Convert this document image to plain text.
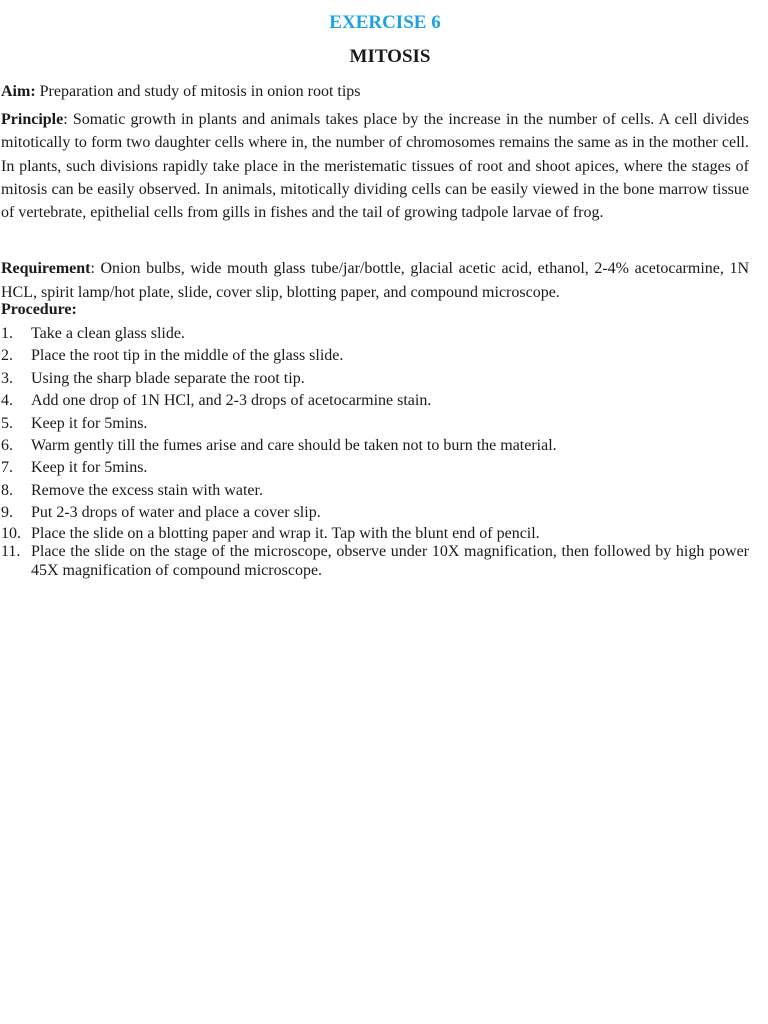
EXERCISE 6
MITOSIS
Aim: Preparation and study of mitosis in onion root tips
Principle: Somatic growth in plants and animals takes place by the increase in the number of cells. A cell divides mitotically to form two daughter cells where in, the number of chromosomes remains the same as in the mother cell. In plants, such divisions rapidly take place in the meristematic tissues of root and shoot apices, where the stages of mitosis can be easily observed. In animals, mitotically dividing cells can be easily viewed in the bone marrow tissue of vertebrate, epithelial cells from gills in fishes and the tail of growing tadpole larvae of frog.
Requirement: Onion bulbs, wide mouth glass tube/jar/bottle, glacial acetic acid, ethanol, 2-4% acetocarmine, 1N HCL, spirit lamp/hot plate, slide, cover slip, blotting paper, and compound microscope.
Procedure:
1. Take a clean glass slide.
2. Place the root tip in the middle of the glass slide.
3. Using the sharp blade separate the root tip.
4. Add one drop of 1N HCl, and 2-3 drops of acetocarmine stain.
5. Keep it for 5mins.
6. Warm gently till the fumes arise and care should be taken not to burn the material.
7. Keep it for 5mins.
8. Remove the excess stain with water.
9. Put 2-3 drops of water and place a cover slip.
10. Place the slide on a blotting paper and wrap it. Tap with the blunt end of pencil.
11. Place the slide on the stage of the microscope, observe under 10X magnification, then followed by high power 45X magnification of compound microscope.
